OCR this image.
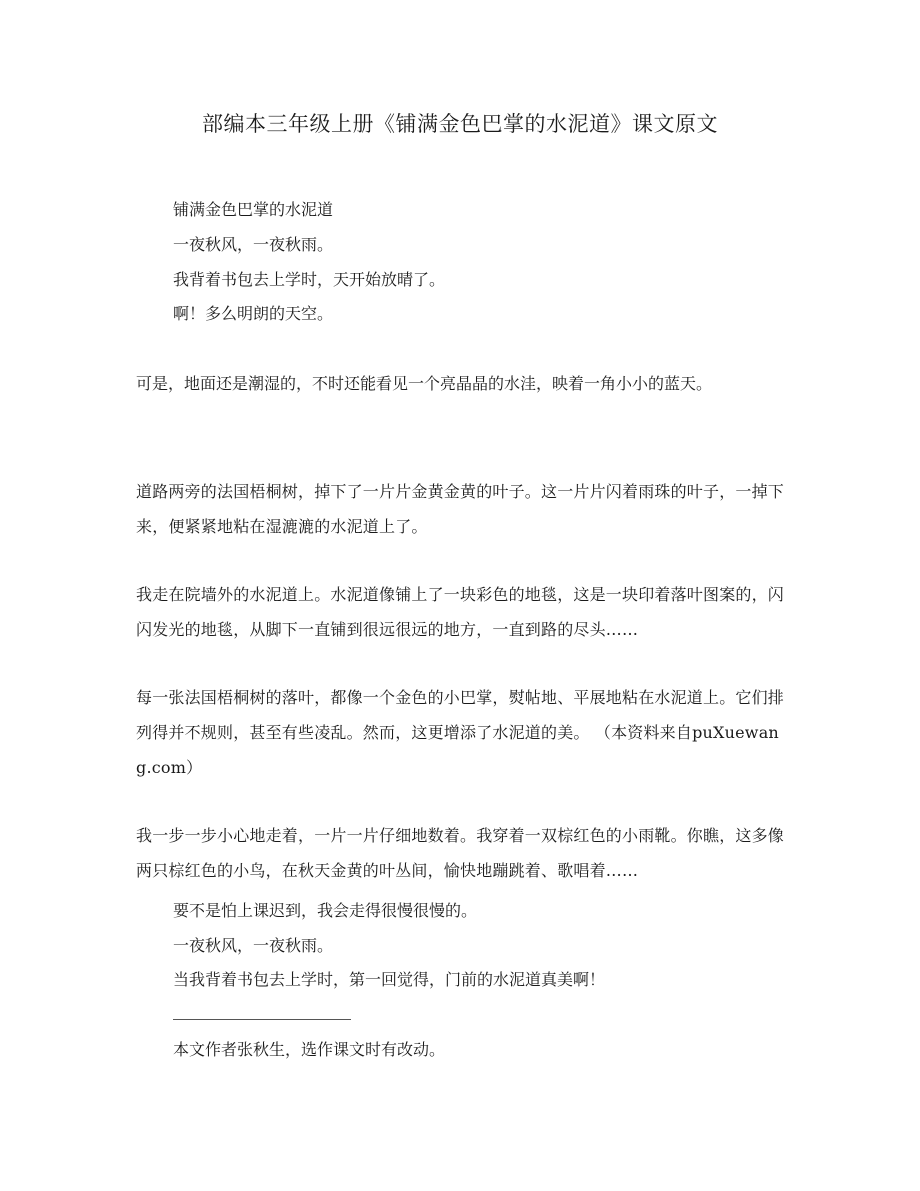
部编本三年级上册《铺满金色巴掌的水泥道》课文原文
铺满金色巴掌的水泥道
一夜秋风，一夜秋雨。
我背着书包去上学时，天开始放晴了。
啊！多么明朗的天空。
可是，地面还是潮湿的，不时还能看见一个亮晶晶的水洼，映着一角小小的蓝天。
道路两旁的法国梧桐树，掉下了一片片金黄金黄的叶子。这一片片闪着雨珠的叶子，一掉下来，便紧紧地粘在湿漉漉的水泥道上了。
我走在院墙外的水泥道上。水泥道像铺上了一块彩色的地毯，这是一块印着落叶图案的，闪闪发光的地毯，从脚下一直铺到很远很远的地方，一直到路的尽头……
每一张法国梧桐树的落叶，都像一个金色的小巴掌，熨帖地、平展地粘在水泥道上。它们排列得并不规则，甚至有些凌乱。然而，这更增添了水泥道的美。 （本资料来自puXuewang.com）
我一步一步小心地走着，一片一片仔细地数着。我穿着一双棕红色的小雨靴。你瞧，这多像两只棕红色的小鸟，在秋天金黄的叶丛间，愉快地蹦跳着、歌唱着……
要不是怕上课迟到，我会走得很慢很慢的。
一夜秋风，一夜秋雨。
当我背着书包去上学时，第一回觉得，门前的水泥道真美啊！
本文作者张秋生，选作课文时有改动。
